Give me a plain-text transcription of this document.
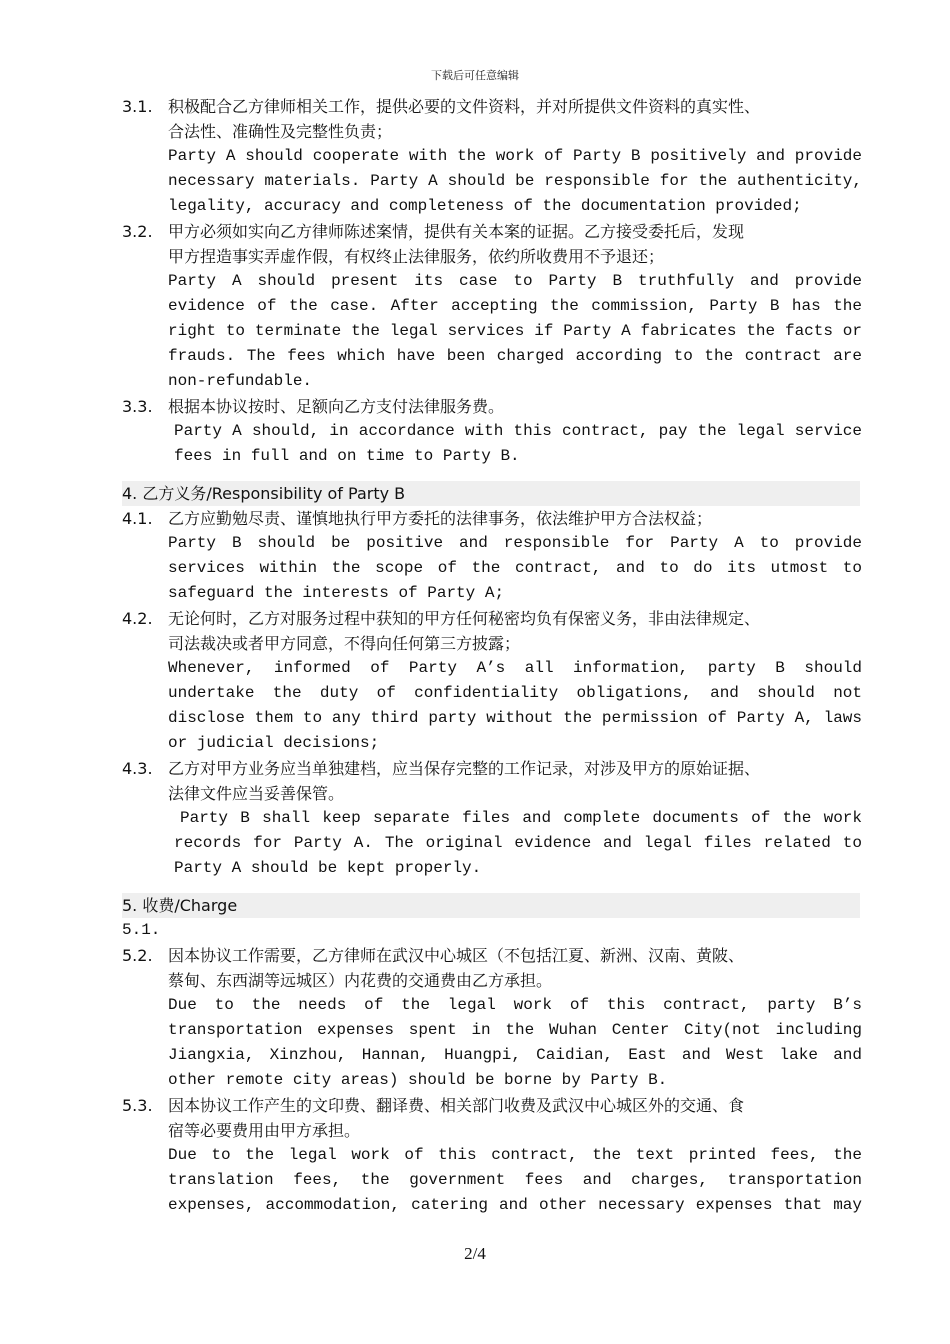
下载后可任意编辑
3.1. 积极配合乙方律师相关工作，提供必要的文件资料，并对所提供文件资料的真实性、
合法性、准确性及完整性负责；
Party A should cooperate with the work of Party B positively and provide
necessary materials. Party A should be responsible for the authenticity,
legality, accuracy and completeness of the documentation provided;
3.2. 甲方必须如实向乙方律师陈述案情，提供有关本案的证据。乙方接受委托后，发现
甲方捏造事实弄虚作假，有权终止法律服务，依约所收费用不予退还；
Party A should present its case to Party B truthfully and provide
evidence of the case. After accepting the commission, Party B has the
right to terminate the legal services if Party A fabricates the facts or
frauds. The fees which have been charged according to the contract are
non-refundable.
3.3. 根据本协议按时、足额向乙方支付法律服务费。
Party A should, in accordance with this contract, pay the legal service
fees in full and on time to Party B.
4. 乙方义务/Responsibility of Party B
4.1. 乙方应勤勉尽责、谨慎地执行甲方委托的法律事务，依法维护甲方合法权益；
Party B should be positive and responsible for Party A to provide
services within the scope of the contract, and to do its utmost to
safeguard the interests of Party A;
4.2. 无论何时，乙方对服务过程中获知的甲方任何秘密均负有保密义务，非由法律规定、
司法裁决或者甲方同意，不得向任何第三方披露；
Whenever, informed of Party A’s all information, party B should
undertake the duty of confidentiality obligations, and should not
disclose them to any third party without the permission of Party A, laws
or judicial decisions;
4.3. 乙方对甲方业务应当单独建档，应当保存完整的工作记录，对涉及甲方的原始证据、
法律文件应当妥善保管。
Party B shall keep separate files and complete documents of the work
records for Party A. The original evidence and legal files related to
Party A should be kept properly.
5. 收费/Charge
5.1.
5.2. 因本协议工作需要，乙方律师在武汉中心城区（不包括江夏、新洲、汉南、黄陂、
蔡甸、东西湖等远城区）内花费的交通费由乙方承担。
Due to the needs of the legal work of this contract, party B’s
transportation expenses spent in the Wuhan Center City(not including
Jiangxia, Xinzhou, Hannan, Huangpi, Caidian, East and West lake and
other remote city areas) should be borne by Party B.
5.3. 因本协议工作产生的文印费、翻译费、相关部门收费及武汉中心城区外的交通、食
宿等必要费用由甲方承担。
Due to the legal work of this contract, the text printed fees, the
translation fees, the government fees and charges, transportation
expenses, accommodation, catering and other necessary expenses that may
2/4
